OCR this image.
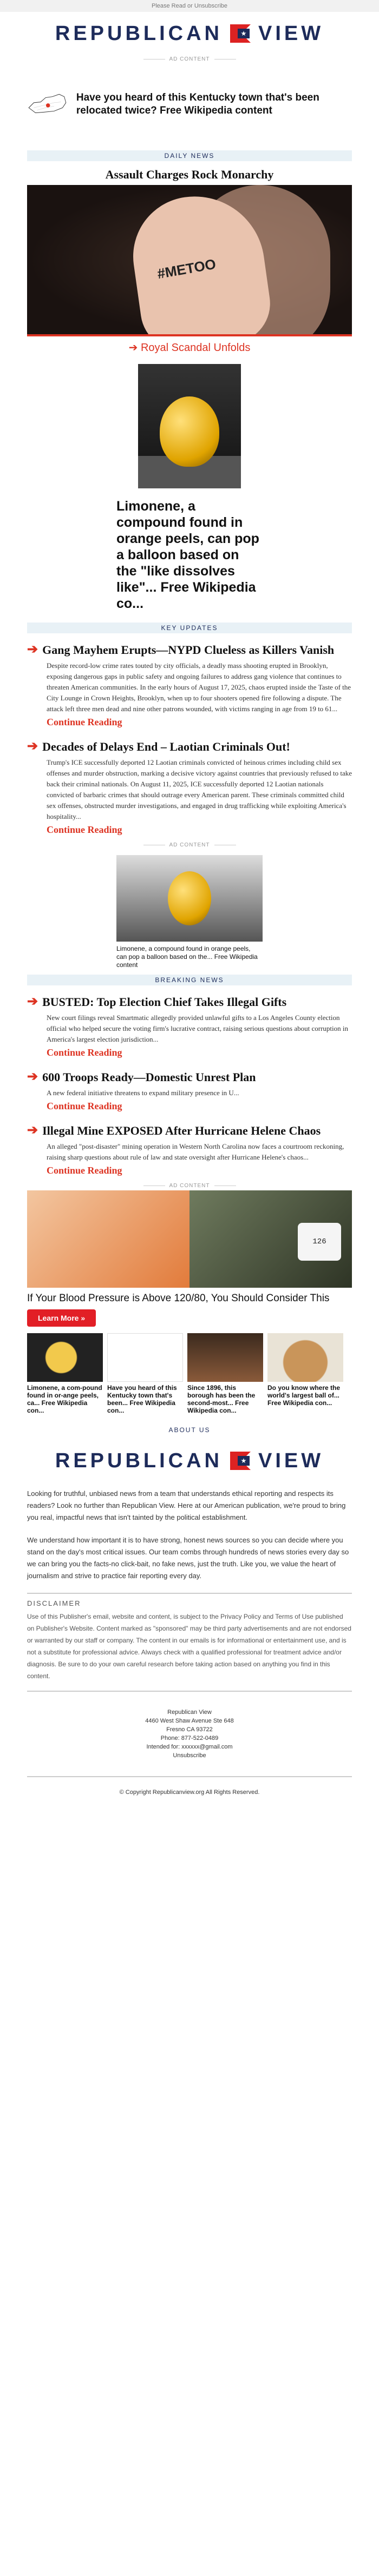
Please Read or Unsubscribe
REPUBLICAN VIEW
AD CONTENT
Have you heard of this Kentucky town that's been relocated twice? Free Wikipedia content
DAILY NEWS
Assault Charges Rock Monarchy
#METOO
➔ Royal Scandal Unfolds
Limonene, a compound found in orange peels, can pop a balloon based on the "like dissolves like"... Free Wikipedia co...
KEY UPDATES
➔ Gang Mayhem Erupts—NYPD Clueless as Killers Vanish
Despite record-low crime rates touted by city officials, a deadly mass shooting erupted in Brooklyn, exposing dangerous gaps in public safety and ongoing failures to address gang violence that continues to threaten American communities. In the early hours of August 17, 2025, chaos erupted inside the Taste of the City Lounge in Crown Heights, Brooklyn, when up to four shooters opened fire following a dispute. The attack left three men dead and nine other patrons wounded, with victims ranging in age from 19 to 61...
Continue Reading
➔ Decades of Delays End – Laotian Criminals Out!
Trump's ICE successfully deported 12 Laotian criminals convicted of heinous crimes including child sex offenses and murder obstruction, marking a decisive victory against countries that previously refused to take back their criminal nationals. On August 11, 2025, ICE successfully deported 12 Laotian nationals convicted of barbaric crimes that should outrage every American parent. These criminals committed child sex offenses, obstructed murder investigations, and engaged in drug trafficking while exploiting America's hospitality...
Continue Reading
AD CONTENT
Limonene, a compound found in orange peels, can pop a balloon based on the... Free Wikipedia content
BREAKING NEWS
➔ BUSTED: Top Election Chief Takes Illegal Gifts
New court filings reveal Smartmatic allegedly provided unlawful gifts to a Los Angeles County election official who helped secure the voting firm's lucrative contract, raising serious questions about corruption in America's largest election jurisdiction...
Continue Reading
➔ 600 Troops Ready—Domestic Unrest Plan
A new federal initiative threatens to expand military presence in U...
Continue Reading
➔ Illegal Mine EXPOSED After Hurricane Helene Chaos
An alleged "post-disaster" mining operation in Western North Carolina now faces a courtroom reckoning, raising sharp questions about rule of law and state oversight after Hurricane Helene's chaos...
Continue Reading
AD CONTENT
126
If Your Blood Pressure is Above 120/80, You Should Consider This
Learn More »
Limonene, a com-pound found in or-ange peels, ca... Free Wikipedia con...
Have you heard of this Kentucky town that's been... Free Wikipedia con...
Since 1896, this borough has been the second-most... Free Wikipedia con...
Do you know where the world's largest ball of... Free Wikipedia con...
ABOUT US
REPUBLICAN VIEW
Looking for truthful, unbiased news from a team that understands ethical reporting and respects its readers? Look no further than Republican View. Here at our American publication, we're proud to bring you real, impactful news that isn't tainted by the political establishment.
We understand how important it is to have strong, honest news sources so you can decide where you stand on the day's most critical issues. Our team combs through hundreds of news stories every day so we can bring you the facts-no click-bait, no fake news, just the truth. Like you, we value the heart of journalism and strive to practice fair reporting every day.
DISCLAIMER
Use of this Publisher's email, website and content, is subject to the Privacy Policy and Terms of Use published on Publisher's Website. Content marked as "sponsored" may be third party advertisements and are not endorsed or warranted by our staff or company. The content in our emails is for informational or entertainment use, and is not a substitute for professional advice. Always check with a qualified professional for treatment advice and/or diagnosis. Be sure to do your own careful research before taking action based on anything you find in this content.
Republican View
4460 West Shaw Avenue Ste 648
Fresno CA 93722
Phone: 877-522-0489
Intended for: xxxxxx@gmail.com
Unsubscribe
© Copyright Republicanview.org All Rights Reserved.
